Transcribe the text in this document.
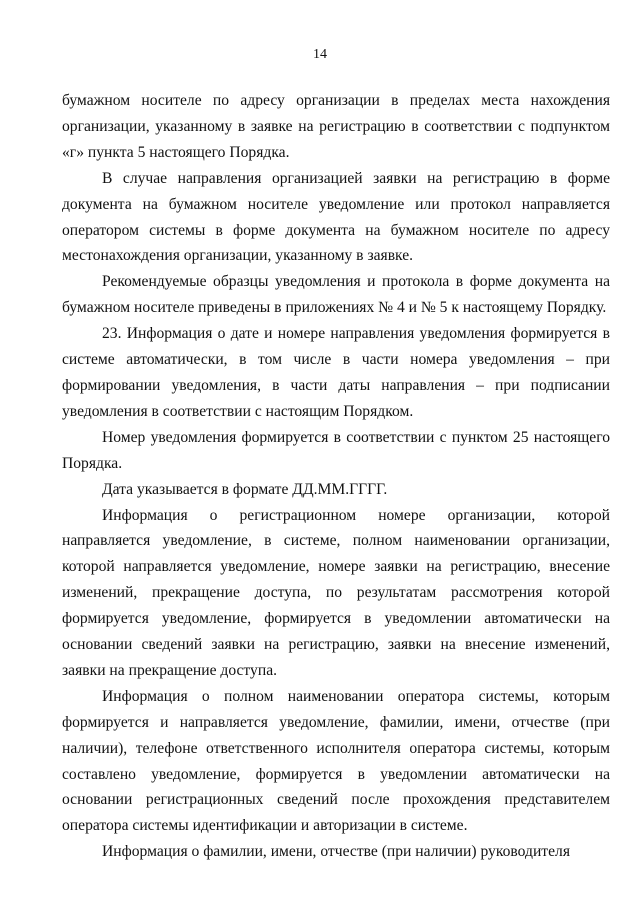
14

бумажном носителе по адресу организации в пределах места нахождения организации, указанному в заявке на регистрацию в соответствии с подпунктом «г» пункта 5 настоящего Порядка.

В случае направления организацией заявки на регистрацию в форме документа на бумажном носителе уведомление или протокол направляется оператором системы в форме документа на бумажном носителе по адресу местонахождения организации, указанному в заявке.

Рекомендуемые образцы уведомления и протокола в форме документа на бумажном носителе приведены в приложениях № 4 и № 5 к настоящему Порядку.

23. Информация о дате и номере направления уведомления формируется в системе автоматически, в том числе в части номера уведомления – при формировании уведомления, в части даты направления – при подписании уведомления в соответствии с настоящим Порядком.

Номер уведомления формируется в соответствии с пунктом 25 настоящего Порядка.

Дата указывается в формате ДД.ММ.ГГГГ.

Информация о регистрационном номере организации, которой направляется уведомление, в системе, полном наименовании организации, которой направляется уведомление, номере заявки на регистрацию, внесение изменений, прекращение доступа, по результатам рассмотрения которой формируется уведомление, формируется в уведомлении автоматически на основании сведений заявки на регистрацию, заявки на внесение изменений, заявки на прекращение доступа.

Информация о полном наименовании оператора системы, которым формируется и направляется уведомление, фамилии, имени, отчестве (при наличии), телефоне ответственного исполнителя оператора системы, которым составлено уведомление, формируется в уведомлении автоматически на основании регистрационных сведений после прохождения представителем оператора системы идентификации и авторизации в системе.

Информация о фамилии, имени, отчестве (при наличии) руководителя
